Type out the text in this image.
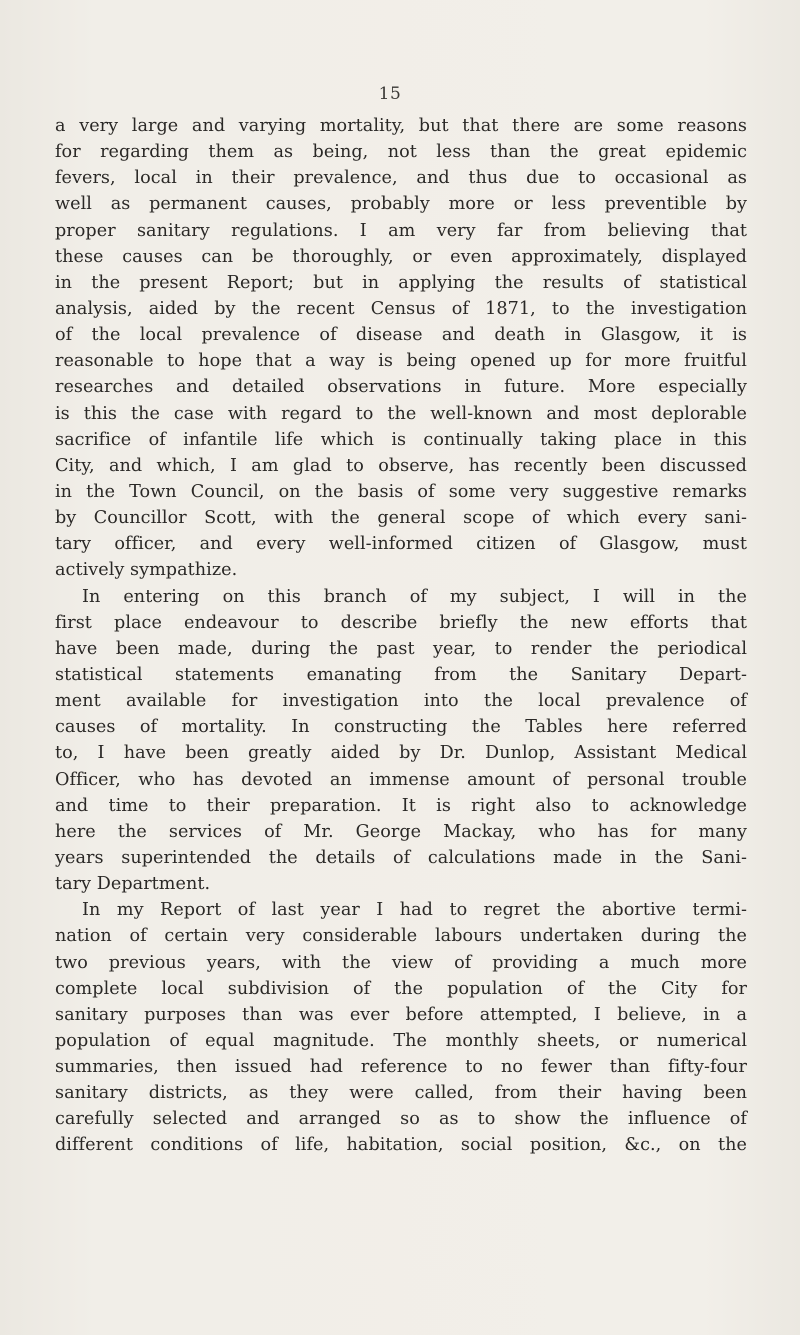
15
a very large and varying mortality, but that there are some reasons
for regarding them as being, not less than the great epidemic
fevers, local in their prevalence, and thus due to occasional as
well as permanent causes, probably more or less preventible by
proper sanitary regulations. I am very far from believing that
these causes can be thoroughly, or even approximately, displayed
in the present Report; but in applying the results of statistical
analysis, aided by the recent Census of 1871, to the investigation
of the local prevalence of disease and death in Glasgow, it is
reasonable to hope that a way is being opened up for more fruitful
researches and detailed observations in future. More especially
is this the case with regard to the well-known and most deplorable
sacrifice of infantile life which is continually taking place in this
City, and which, I am glad to observe, has recently been discussed
in the Town Council, on the basis of some very suggestive remarks
by Councillor Scott, with the general scope of which every sani-
tary officer, and every well-informed citizen of Glasgow, must
actively sympathize.
In entering on this branch of my subject, I will in the
first place endeavour to describe briefly the new efforts that
have been made, during the past year, to render the periodical
statistical statements emanating from the Sanitary Depart-
ment available for investigation into the local prevalence of
causes of mortality. In constructing the Tables here referred
to, I have been greatly aided by Dr. Dunlop, Assistant Medical
Officer, who has devoted an immense amount of personal trouble
and time to their preparation. It is right also to acknowledge
here the services of Mr. George Mackay, who has for many
years superintended the details of calculations made in the Sani-
tary Department.
In my Report of last year I had to regret the abortive termi-
nation of certain very considerable labours undertaken during the
two previous years, with the view of providing a much more
complete local subdivision of the population of the City for
sanitary purposes than was ever before attempted, I believe, in a
population of equal magnitude. The monthly sheets, or numerical
summaries, then issued had reference to no fewer than fifty-four
sanitary districts, as they were called, from their having been
carefully selected and arranged so as to show the influence of
different conditions of life, habitation, social position, &c., on the
